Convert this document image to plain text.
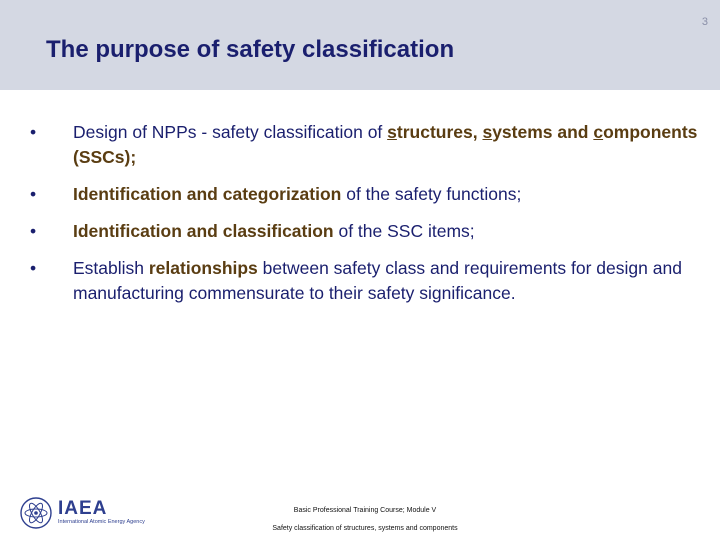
3
The purpose of safety classification
•	Design of NPPs - safety classification of structures, systems and components (SSCs);
•	Identification and categorization of the safety functions;
•	Identification and classification of the SSC items;
•	Establish relationships between safety class and requirements for design and manufacturing commensurate to their safety significance.
IAEA
International Atomic Energy Agency
Basic Professional Training Course; Module V
Safety classification of structures, systems and components
